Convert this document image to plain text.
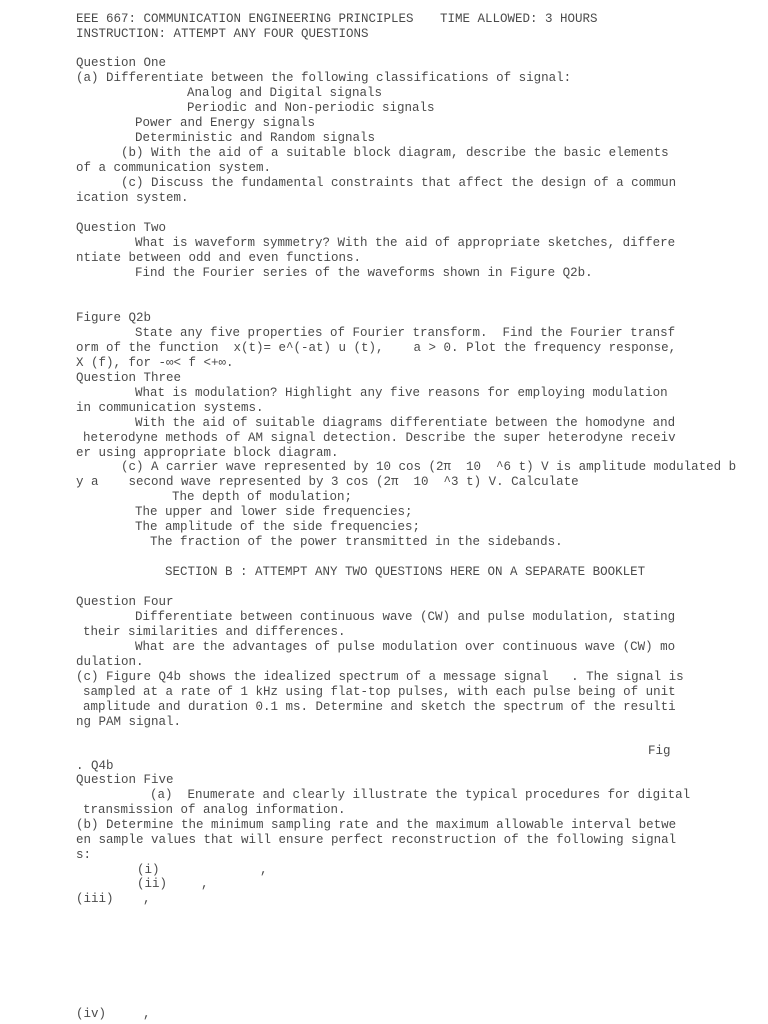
EEE 667: COMMUNICATION ENGINEERING PRINCIPLES TIME ALLOWED: 3 HOURS
INSTRUCTION: ATTEMPT ANY FOUR QUESTIONS
Question One
(a) Differentiate between the following classifications of signal:
Analog and Digital signals
Periodic and Non-periodic signals
Power and Energy signals
Deterministic and Random signals
(b) With the aid of a suitable block diagram, describe the basic elements
of a communication system.
(c) Discuss the fundamental constraints that affect the design of a commun
ication system.
Question Two
What is waveform symmetry? With the aid of appropriate sketches, differe
ntiate between odd and even functions.
Find the Fourier series of the waveforms shown in Figure Q2b.
Figure Q2b
State any five properties of Fourier transform.  Find the Fourier transf
orm of the function  x(t)= e^(-at) u (t),    a > 0. Plot the frequency response,
X (f), for -∞< f <+∞.
Question Three
What is modulation? Highlight any five reasons for employing modulation
in communication systems.
With the aid of suitable diagrams differentiate between the homodyne and
heterodyne methods of AM signal detection. Describe the super heterodyne receiv
er using appropriate block diagram.
(c) A carrier wave represented by 10 cos (2π  10  ^6 t) V is amplitude modulated b
y a    second wave represented by 3 cos (2π  10  ^3 t) V. Calculate
The depth of modulation;
The upper and lower side frequencies;
The amplitude of the side frequencies;
The fraction of the power transmitted in the sidebands.
SECTION B : ATTEMPT ANY TWO QUESTIONS HERE ON A SEPARATE BOOKLET
Question Four
Differentiate between continuous wave (CW) and pulse modulation, stating
their similarities and differences.
What are the advantages of pulse modulation over continuous wave (CW) mo
dulation.
(c) Figure Q4b shows the idealized spectrum of a message signal   . The signal is
sampled at a rate of 1 kHz using flat-top pulses, with each pulse being of unit
amplitude and duration 0.1 ms. Determine and sketch the spectrum of the resulti
ng PAM signal.
Fig
. Q4b
Question Five
(a)  Enumerate and clearly illustrate the typical procedures for digital
transmission of analog information.
(b) Determine the minimum sampling rate and the maximum allowable interval betwe
en sample values that will ensure perfect reconstruction of the following signal
s:
(i)	,
(ii)	,
(iii) ,
(iv)	,
